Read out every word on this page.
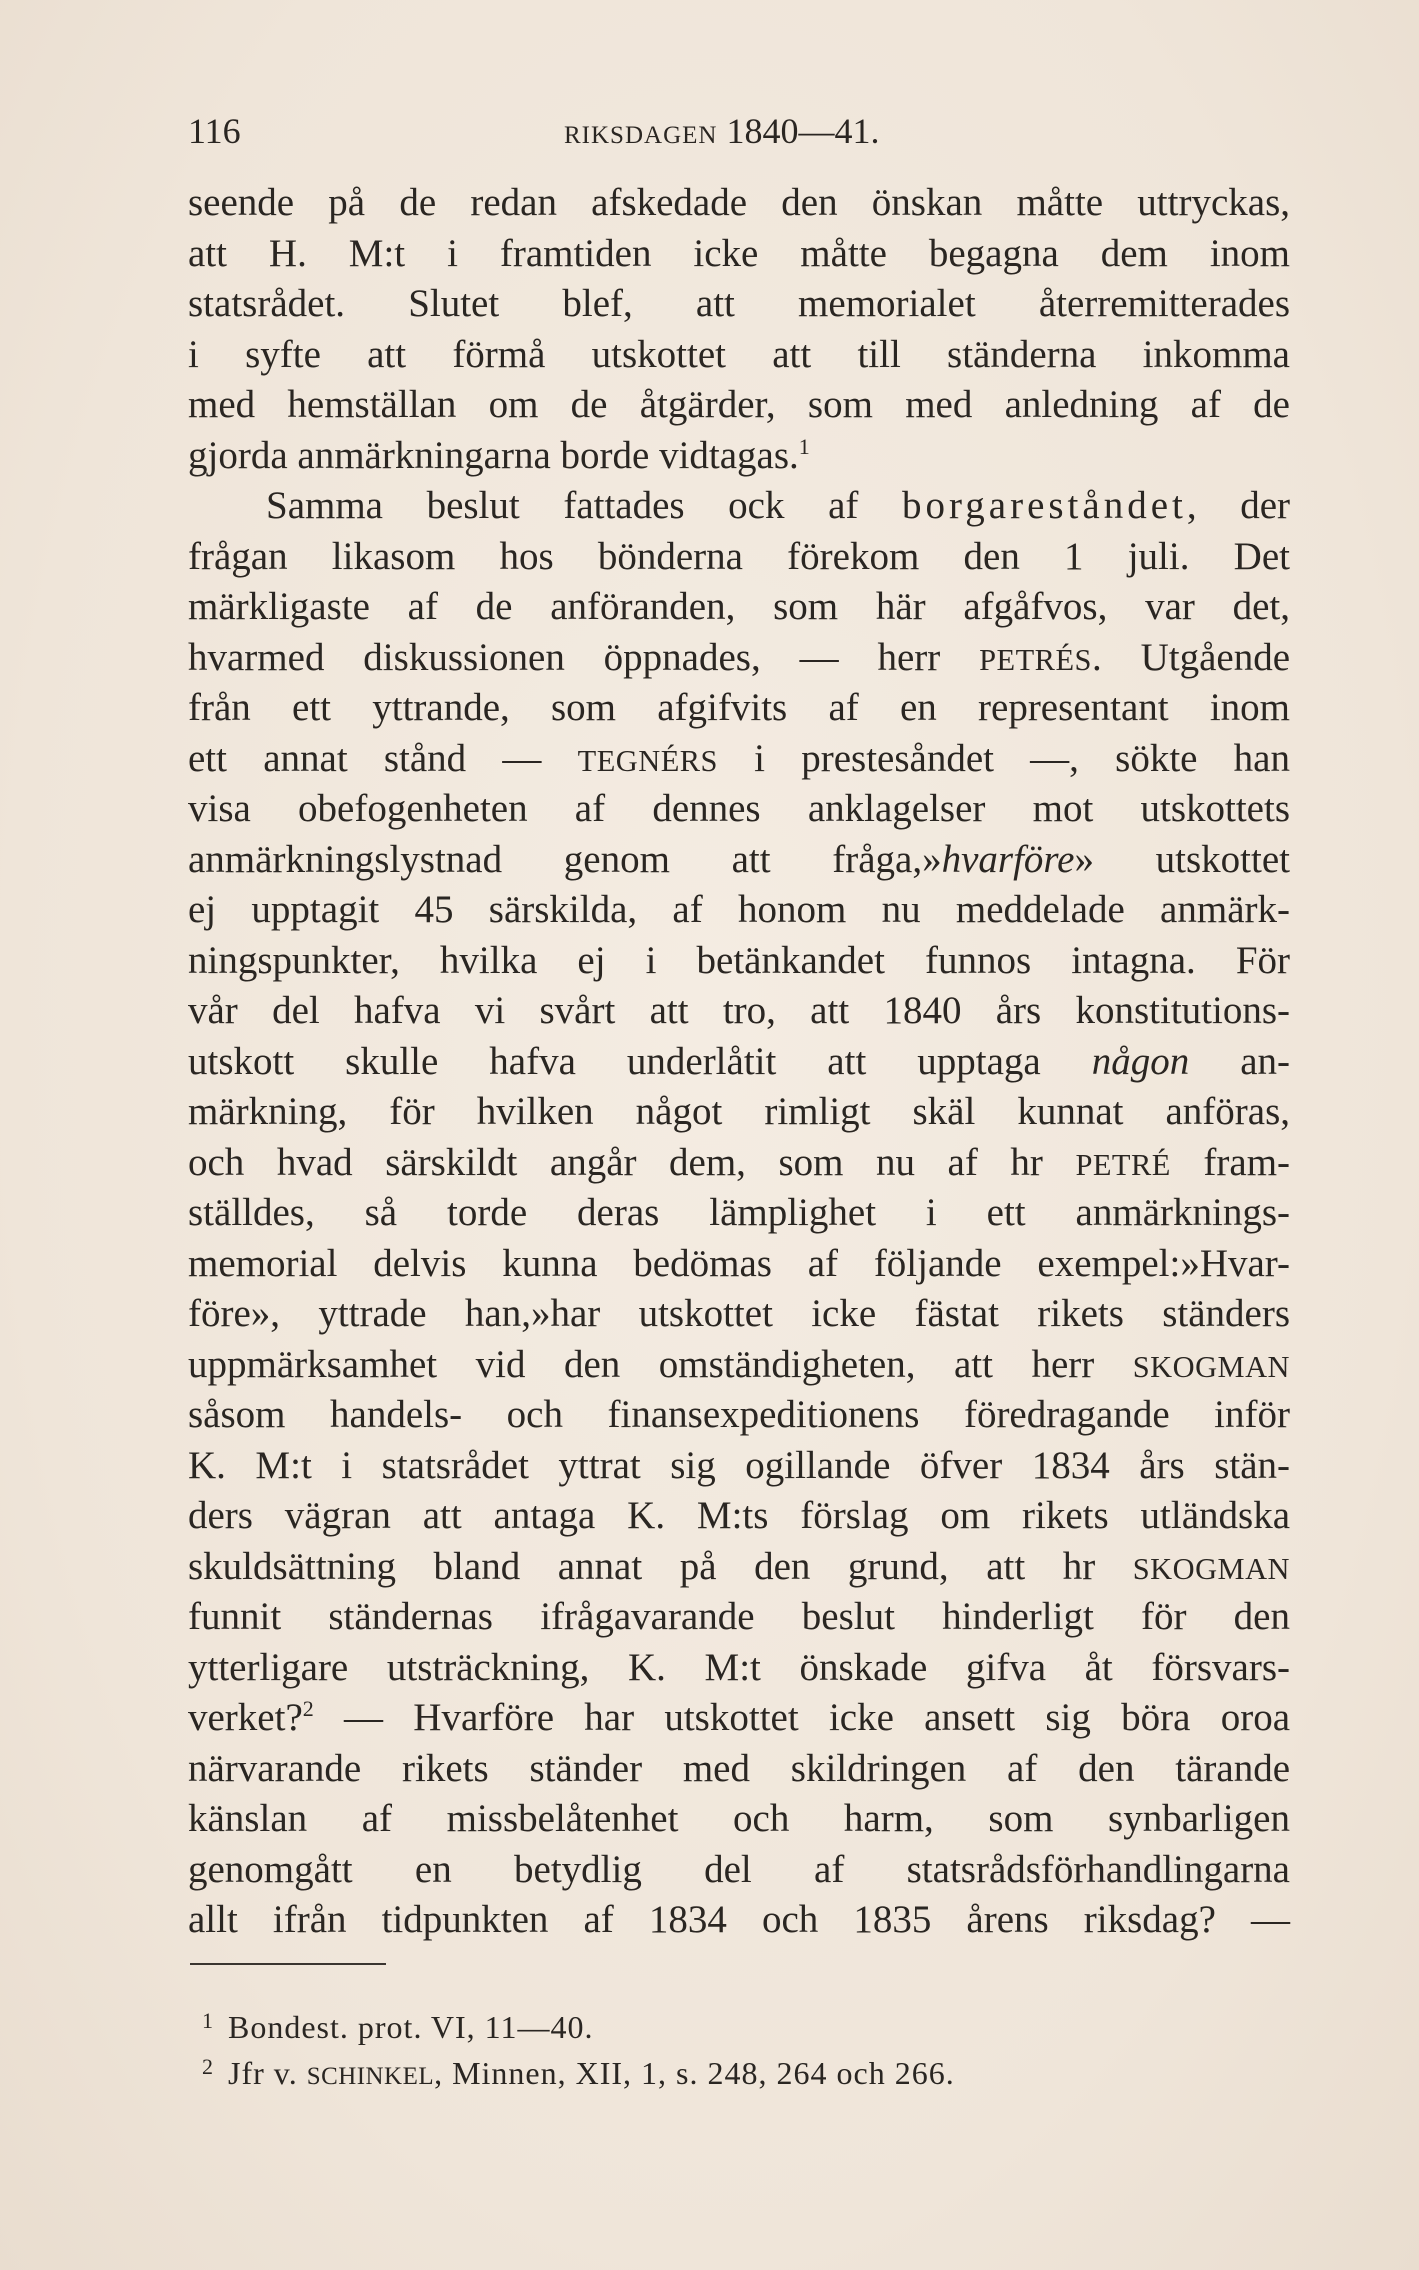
116	RIKSDAGEN 1840—41.
seende på de redan afskedade den önskan måtte uttryckas,
att H. M:t i framtiden icke måtte begagna dem inom
statsrådet. Slutet blef, att memorialet återremitterades
i syfte att förmå utskottet att till ständerna inkomma
med hemställan om de åtgärder, som med anledning af de
gjorda anmärkningarna borde vidtagas.$^1$
Samma beslut fattades ock af borgareståndet, der
frågan likasom hos bönderna förekom den 1 juli. Det
märkligaste af de anföranden, som här afgåfvos, var det,
hvarmed diskussionen öppnades, — herr PETRÉS. Utgående
från ett yttrande, som afgifvits af en representant inom
ett annat stånd — TEGNÉRS i prestesåndet —, sökte han
visa obefogenheten af dennes anklagelser mot utskottets
anmärkningslystnad genom att fråga,»hvarföre» utskottet
ej upptagit 45 särskilda, af honom nu meddelade anmärk-
ningspunkter, hvilka ej i betänkandet funnos intagna. För
vår del hafva vi svårt att tro, att 1840 års konstitutions-
utskott skulle hafva underlåtit att upptaga någon an-
märkning, för hvilken något rimligt skäl kunnat anföras,
och hvad särskildt angår dem, som nu af hr PETRÉ fram-
ställdes, så torde deras lämplighet i ett anmärknings-
memorial delvis kunna bedömas af följande exempel:»Hvar-
före», yttrade han,»har utskottet icke fästat rikets ständers
uppmärksamhet vid den omständigheten, att herr SKOGMAN
såsom handels- och finansexpeditionens föredragande inför
K. M:t i statsrådet yttrat sig ogillande öfver 1834 års stän-
ders vägran att antaga K. M:ts förslag om rikets utländska
skuldsättning bland annat på den grund, att hr SKOGMAN
funnit ständernas ifrågavarande beslut hinderligt för den
ytterligare utsträckning, K. M:t önskade gifva åt försvars-
verket?$^2$ — Hvarföre har utskottet icke ansett sig böra oroa
närvarande rikets ständer med skildringen af den tärande
känslan af missbelåtenhet och harm, som synbarligen
genomgått en betydlig del af statsrådsförhandlingarna
allt ifrån tidpunkten af 1834 och 1835 årens riksdag? —
1 Bondest. prot. VI, 11—40.
2 Jfr v. SCHINKEL, Minnen, XII, 1, s. 248, 264 och 266.
